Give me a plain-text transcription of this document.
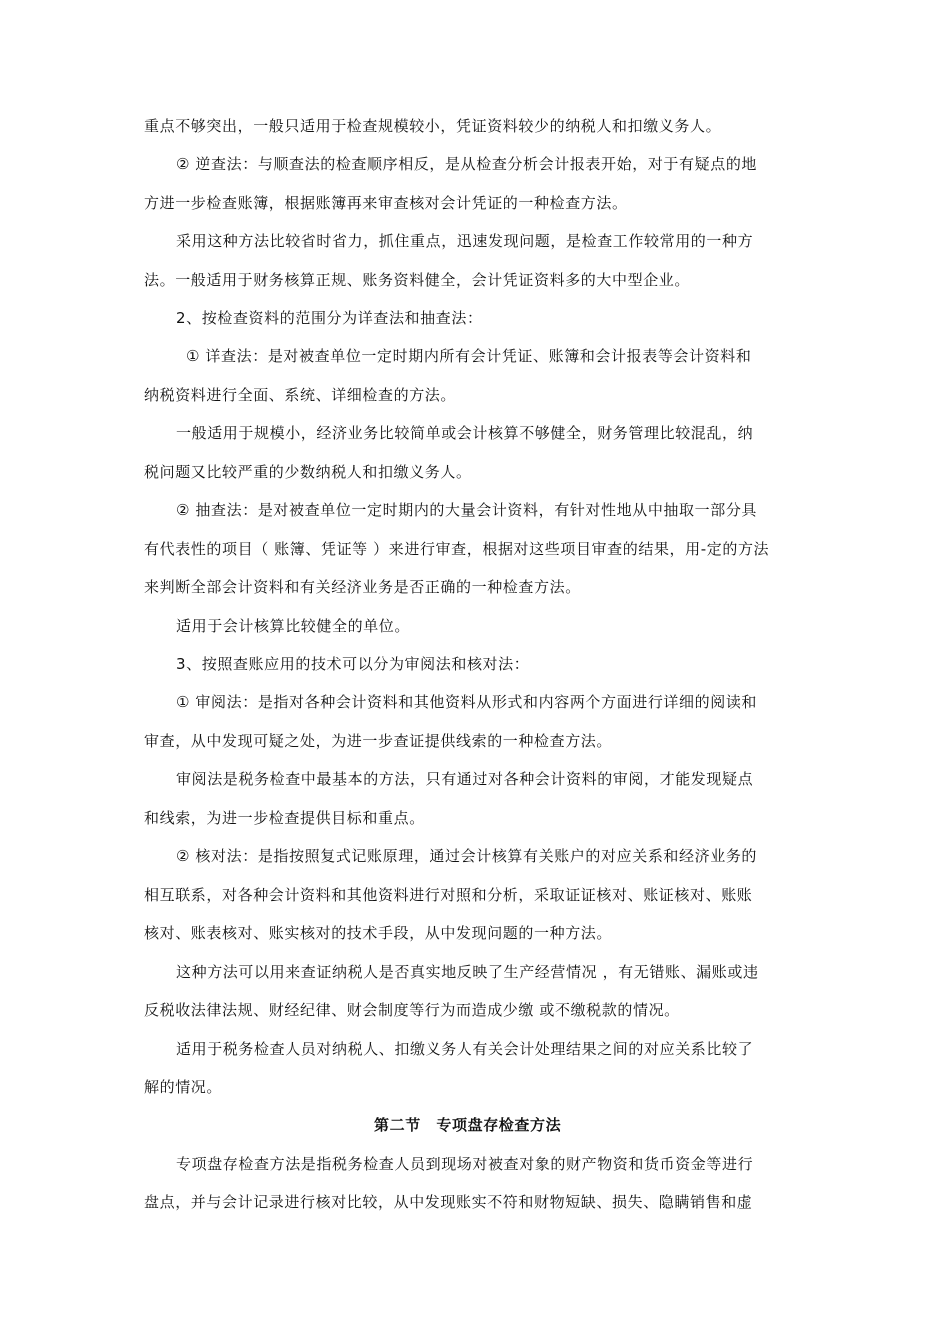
重点不够突出，一般只适用于检查规模较小，凭证资料较少的纳税人和扣缴义务人。
② 逆查法：与顺查法的检查顺序相反，是从检查分析会计报表开始，对于有疑点的地
方进一步检查账簿，根据账簿再来审查核对会计凭证的一种检查方法。
采用这种方法比较省时省力，抓住重点，迅速发现问题，是检查工作较常用的一种方
法。一般适用于财务核算正规、账务资料健全，会计凭证资料多的大中型企业。
2、按检查资料的范围分为详查法和抽查法：
① 详查法：是对被查单位一定时期内所有会计凭证、账簿和会计报表等会计资料和
纳税资料进行全面、系统、详细检查的方法。
一般适用于规模小，经济业务比较简单或会计核算不够健全，财务管理比较混乱，纳
税问题又比较严重的少数纳税人和扣缴义务人。
② 抽查法：是对被查单位一定时期内的大量会计资料，有针对性地从中抽取一部分具
有代表性的项目（ 账簿、凭证等 ）来进行审查，根据对这些项目审查的结果，用-定的方法
来判断全部会计资料和有关经济业务是否正确的一种检查方法。
适用于会计核算比较健全的单位。
3、按照查账应用的技术可以分为审阅法和核对法：
① 审阅法：是指对各种会计资料和其他资料从形式和内容两个方面进行详细的阅读和
审查，从中发现可疑之处，为进一步查证提供线索的一种检查方法。
审阅法是税务检查中最基本的方法，只有通过对各种会计资料的审阅，才能发现疑点
和线索，为进一步检查提供目标和重点。
② 核对法：是指按照复式记账原理，通过会计核算有关账户的对应关系和经济业务的
相互联系，对各种会计资料和其他资料进行对照和分析，采取证证核对、账证核对、账账
核对、账表核对、账实核对的技术手段，从中发现问题的一种方法。
这种方法可以用来查证纳税人是否真实地反映了生产经营情况 ，有无错账、漏账或违
反税收法律法规、财经纪律、财会制度等行为而造成少缴 或不缴税款的情况。
适用于税务检查人员对纳税人、扣缴义务人有关会计处理结果之间的对应关系比较了
解的情况。
第二节　专项盘存检查方法
专项盘存检查方法是指税务检查人员到现场对被查对象的财产物资和货币资金等进行
盘点，并与会计记录进行核对比较，从中发现账实不符和财物短缺、损失、隐瞒销售和虚
